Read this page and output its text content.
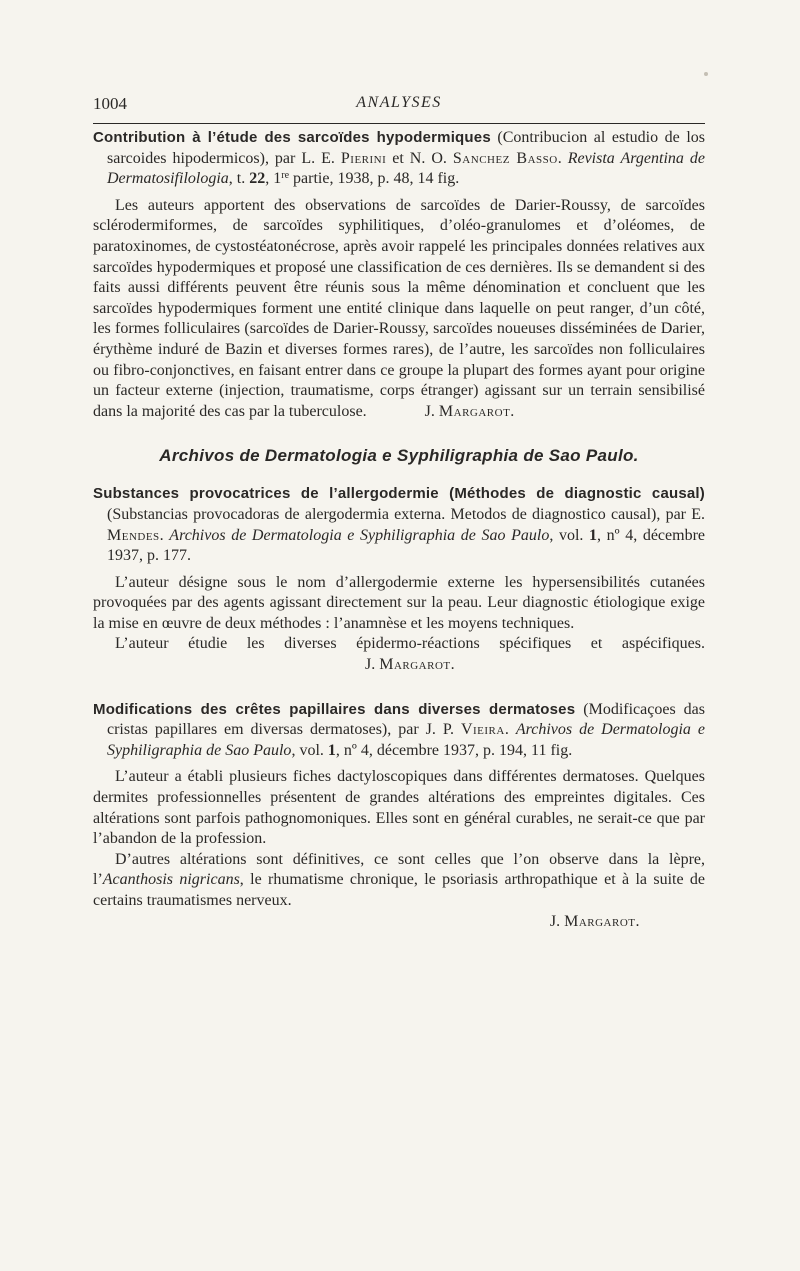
1004	ANALYSES

Contribution à l’étude des sarcoïdes hypodermiques (Contribucion al estudio de los sarcoides hipodermicos), par L. E. Pierini et N. O. Sanchez Basso. Revista Argentina de Dermatosifilologia, t. 22, 1re partie, 1938, p. 48, 14 fig.

Les auteurs apportent des observations de sarcoïdes de Darier-Roussy, de sarcoïdes sclérodermiformes, de sarcoïdes syphilitiques, d’oléo-granulomes et d’oléomes, de paratoxinomes, de cystostéatonécrose, après avoir rappelé les principales données relatives aux sarcoïdes hypodermiques et proposé une classification de ces dernières. Ils se demandent si des faits aussi différents peuvent être réunis sous la même dénomination et concluent que les sarcoïdes hypodermiques forment une entité clinique dans laquelle on peut ranger, d’un côté, les formes folliculaires (sarcoïdes de Darier-Roussy, sarcoïdes noueuses disséminées de Darier, érythème induré de Bazin et diverses formes rares), de l’autre, les sarcoïdes non folliculaires ou fibro-conjonctives, en faisant entrer dans ce groupe la plupart des formes ayant pour origine un facteur externe (injection, traumatisme, corps étranger) agissant sur un terrain sensibilisé dans la majorité des cas par la tuberculose.	J. Margarot.

Archivos de Dermatologia e Syphiligraphia de Sao Paulo.

Substances provocatrices de l’allergodermie (Méthodes de diagnostic causal) (Substancias provocadoras de alergodermia externa. Metodos de diagnostico causal), par E. Mendes. Archivos de Dermatologia e Syphiligraphia de Sao Paulo, vol. 1, nº 4, décembre 1937, p. 177.

L’auteur désigne sous le nom d’allergodermie externe les hypersensibilités cutanées provoquées par des agents agissant directement sur la peau. Leur diagnostic étiologique exige la mise en œuvre de deux méthodes : l’anamnèse et les moyens techniques.

L’auteur étudie les diverses épidermo-réactions spécifiques et aspécifiques.J. Margarot.

Modifications des crêtes papillaires dans diverses dermatoses (Modificaçoes das cristas papillares em diversas dermatoses), par J. P. Vieira. Archivos de Dermatologia e Syphiligraphia de Sao Paulo, vol. 1, nº 4, décembre 1937, p. 194, 11 fig.

L’auteur a établi plusieurs fiches dactyloscopiques dans différentes dermatoses. Quelques dermites professionnelles présentent de grandes altérations des empreintes digitales. Ces altérations sont parfois pathognomoniques. Elles sont en général curables, ne serait-ce que par l’abandon de la profession.

D’autres altérations sont définitives, ce sont celles que l’on observe dans la lèpre, l’Acanthosis nigricans, le rhumatisme chronique, le psoriasis arthropathique et à la suite de certains traumatismes nerveux.

J. Margarot.
